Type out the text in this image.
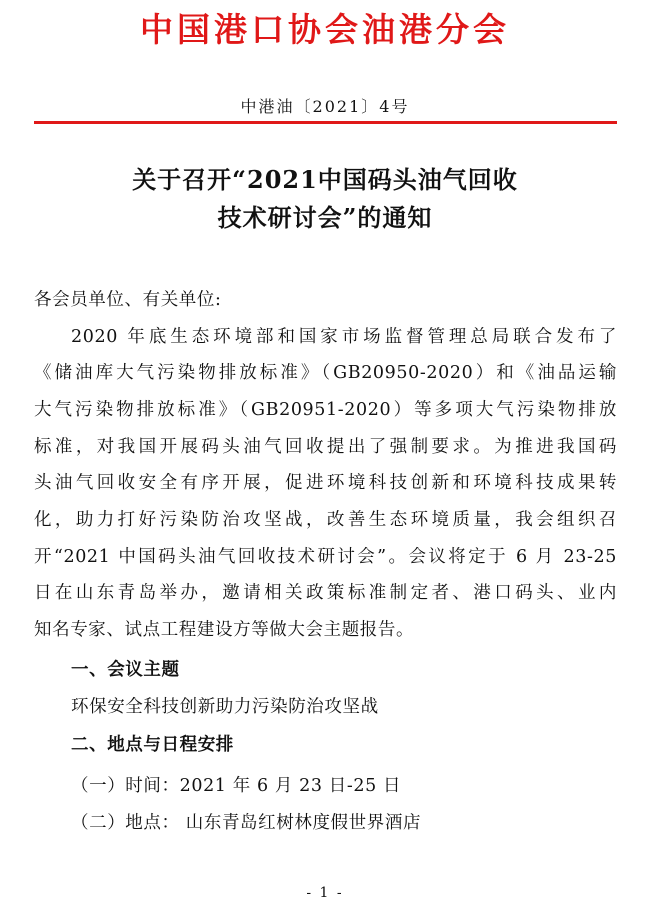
中国港口协会油港分会
中港油〔2021〕4号
关于召开“2021中国码头油气回收
技术研讨会”的通知
各会员单位、有关单位:
2020 年底生态环境部和国家市场监督管理总局联合发布了
《储油库大气污染物排放标准》（GB20950-2020）和《油品运输
大气污染物排放标准》（GB20951-2020）等多项大气污染物排放
标准，对我国开展码头油气回收提出了强制要求。为推进我国码
头油气回收安全有序开展，促进环境科技创新和环境科技成果转
化，助力打好污染防治攻坚战，改善生态环境质量，我会组织召
开“2021 中国码头油气回收技术研讨会”。会议将定于 6 月 23-25
日在山东青岛举办，邀请相关政策标准制定者、港口码头、业内
知名专家、试点工程建设方等做大会主题报告。
一、会议主题
环保安全科技创新助力污染防治攻坚战
二、地点与日程安排
（一）时间：2021 年 6 月 23 日-25 日
（二）地点： 山东青岛红树林度假世界酒店
- 1 -
